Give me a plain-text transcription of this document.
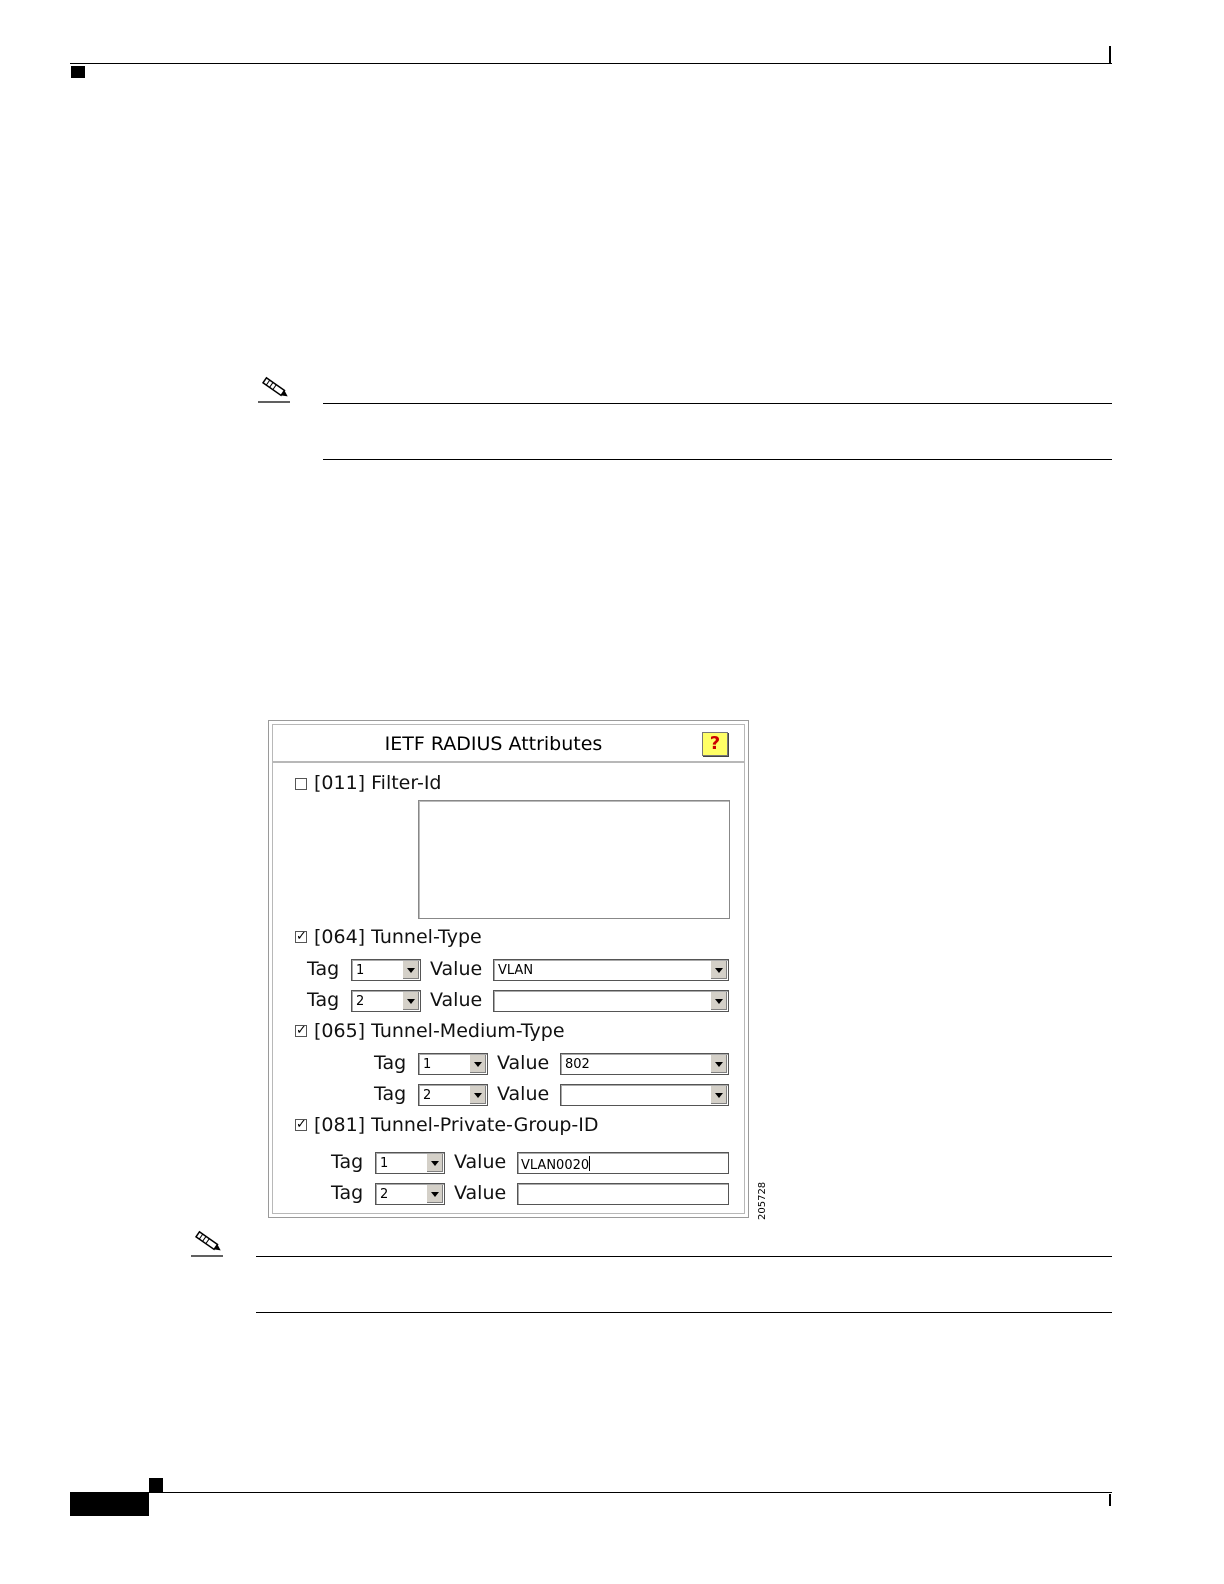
IETF RADIUS Attributes	?
[011] Filter-Id
✓ [064] Tunnel-Type
Tag 1	Value VLAN
Tag 2	Value
✓ [065] Tunnel-Medium-Type
Tag 1	Value 802
Tag 2	Value
✓ [081] Tunnel-Private-Group-ID
Tag 1	Value VLAN0020
Tag 2	Value	205728
